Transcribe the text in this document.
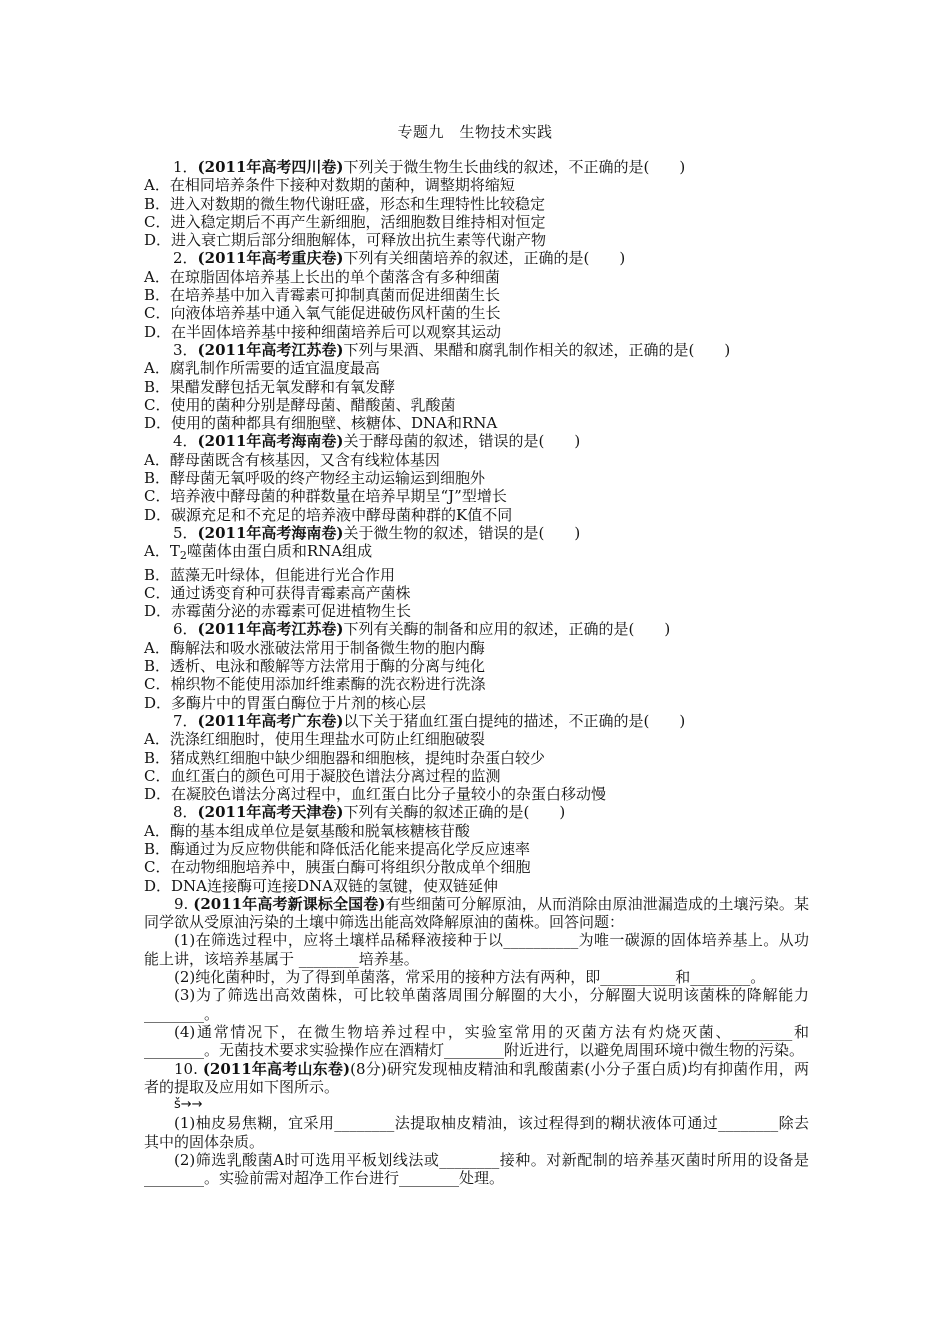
专题九　生物技术实践
1．(2011年高考四川卷)下列关于微生物生长曲线的叙述，不正确的是(　　)
A．在相同培养条件下接种对数期的菌种，调整期将缩短
B．进入对数期的微生物代谢旺盛，形态和生理特性比较稳定
C．进入稳定期后不再产生新细胞，活细胞数目维持相对恒定
D．进入衰亡期后部分细胞解体，可释放出抗生素等代谢产物
2．(2011年高考重庆卷)下列有关细菌培养的叙述，正确的是(　　)
A．在琼脂固体培养基上长出的单个菌落含有多种细菌
B．在培养基中加入青霉素可抑制真菌而促进细菌生长
C．向液体培养基中通入氧气能促进破伤风杆菌的生长
D．在半固体培养基中接种细菌培养后可以观察其运动
3．(2011年高考江苏卷)下列与果酒、果醋和腐乳制作相关的叙述，正确的是(　　)
A．腐乳制作所需要的适宜温度最高
B．果醋发酵包括无氧发酵和有氧发酵
C．使用的菌种分别是酵母菌、醋酸菌、乳酸菌
D．使用的菌种都具有细胞壁、核糖体、DNA和RNA
4．(2011年高考海南卷)关于酵母菌的叙述，错误的是(　　)
A．酵母菌既含有核基因，又含有线粒体基因
B．酵母菌无氧呼吸的终产物经主动运输运到细胞外
C．培养液中酵母菌的种群数量在培养早期呈“J”型增长
D．碳源充足和不充足的培养液中酵母菌种群的K值不同
5．(2011年高考海南卷)关于微生物的叙述，错误的是(　　)
A．$T_2$噬菌体由蛋白质和RNA组成
B．蓝藻无叶绿体，但能进行光合作用
C．通过诱变育种可获得青霉素高产菌株
D．赤霉菌分泌的赤霉素可促进植物生长
6．(2011年高考江苏卷)下列有关酶的制备和应用的叙述，正确的是(　　)
A．酶解法和吸水涨破法常用于制备微生物的胞内酶
B．透析、电泳和酸解等方法常用于酶的分离与纯化
C．棉织物不能使用添加纤维素酶的洗衣粉进行洗涤
D．多酶片中的胃蛋白酶位于片剂的核心层
7．(2011年高考广东卷)以下关于猪血红蛋白提纯的描述，不正确的是(　　)
A．洗涤红细胞时，使用生理盐水可防止红细胞破裂
B．猪成熟红细胞中缺少细胞器和细胞核，提纯时杂蛋白较少
C．血红蛋白的颜色可用于凝胶色谱法分离过程的监测
D．在凝胶色谱法分离过程中，血红蛋白比分子量较小的杂蛋白移动慢
8．(2011年高考天津卷)下列有关酶的叙述正确的是(　　)
A．酶的基本组成单位是氨基酸和脱氧核糖核苷酸
B．酶通过为反应物供能和降低活化能来提高化学反应速率
C．在动物细胞培养中，胰蛋白酶可将组织分散成单个细胞
D．DNA连接酶可连接DNA双链的氢键，使双链延伸
9. (2011年高考新课标全国卷)有些细菌可分解原油，从而消除由原油泄漏造成的土壤污染。某同学欲从受原油污染的土壤中筛选出能高效降解原油的菌株。回答问题：
(1)在筛选过程中，应将土壤样品稀释液接种于以__________为唯一碳源的固体培养基上。从功能上讲，该培养基属于 ________培养基。
(2)纯化菌种时，为了得到单菌落，常采用的接种方法有两种，即__________和________。
(3)为了筛选出高效菌株，可比较单菌落周围分解圈的大小，分解圈大说明该菌株的降解能力________。
(4)通常情况下，在微生物培养过程中，实验室常用的灭菌方法有灼烧灭菌、________和________。无菌技术要求实验操作应在酒精灯________附近进行，以避免周围环境中微生物的污染。
10. (2011年高考山东卷)(8分)研究发现柚皮精油和乳酸菌素(小分子蛋白质)均有抑菌作用，两者的提取及应用如下图所示。
š→→
(1)柚皮易焦糊，宜采用________法提取柚皮精油，该过程得到的糊状液体可通过________除去其中的固体杂质。
(2)筛选乳酸菌A时可选用平板划线法或________接种。对新配制的培养基灭菌时所用的设备是________。实验前需对超净工作台进行________处理。
